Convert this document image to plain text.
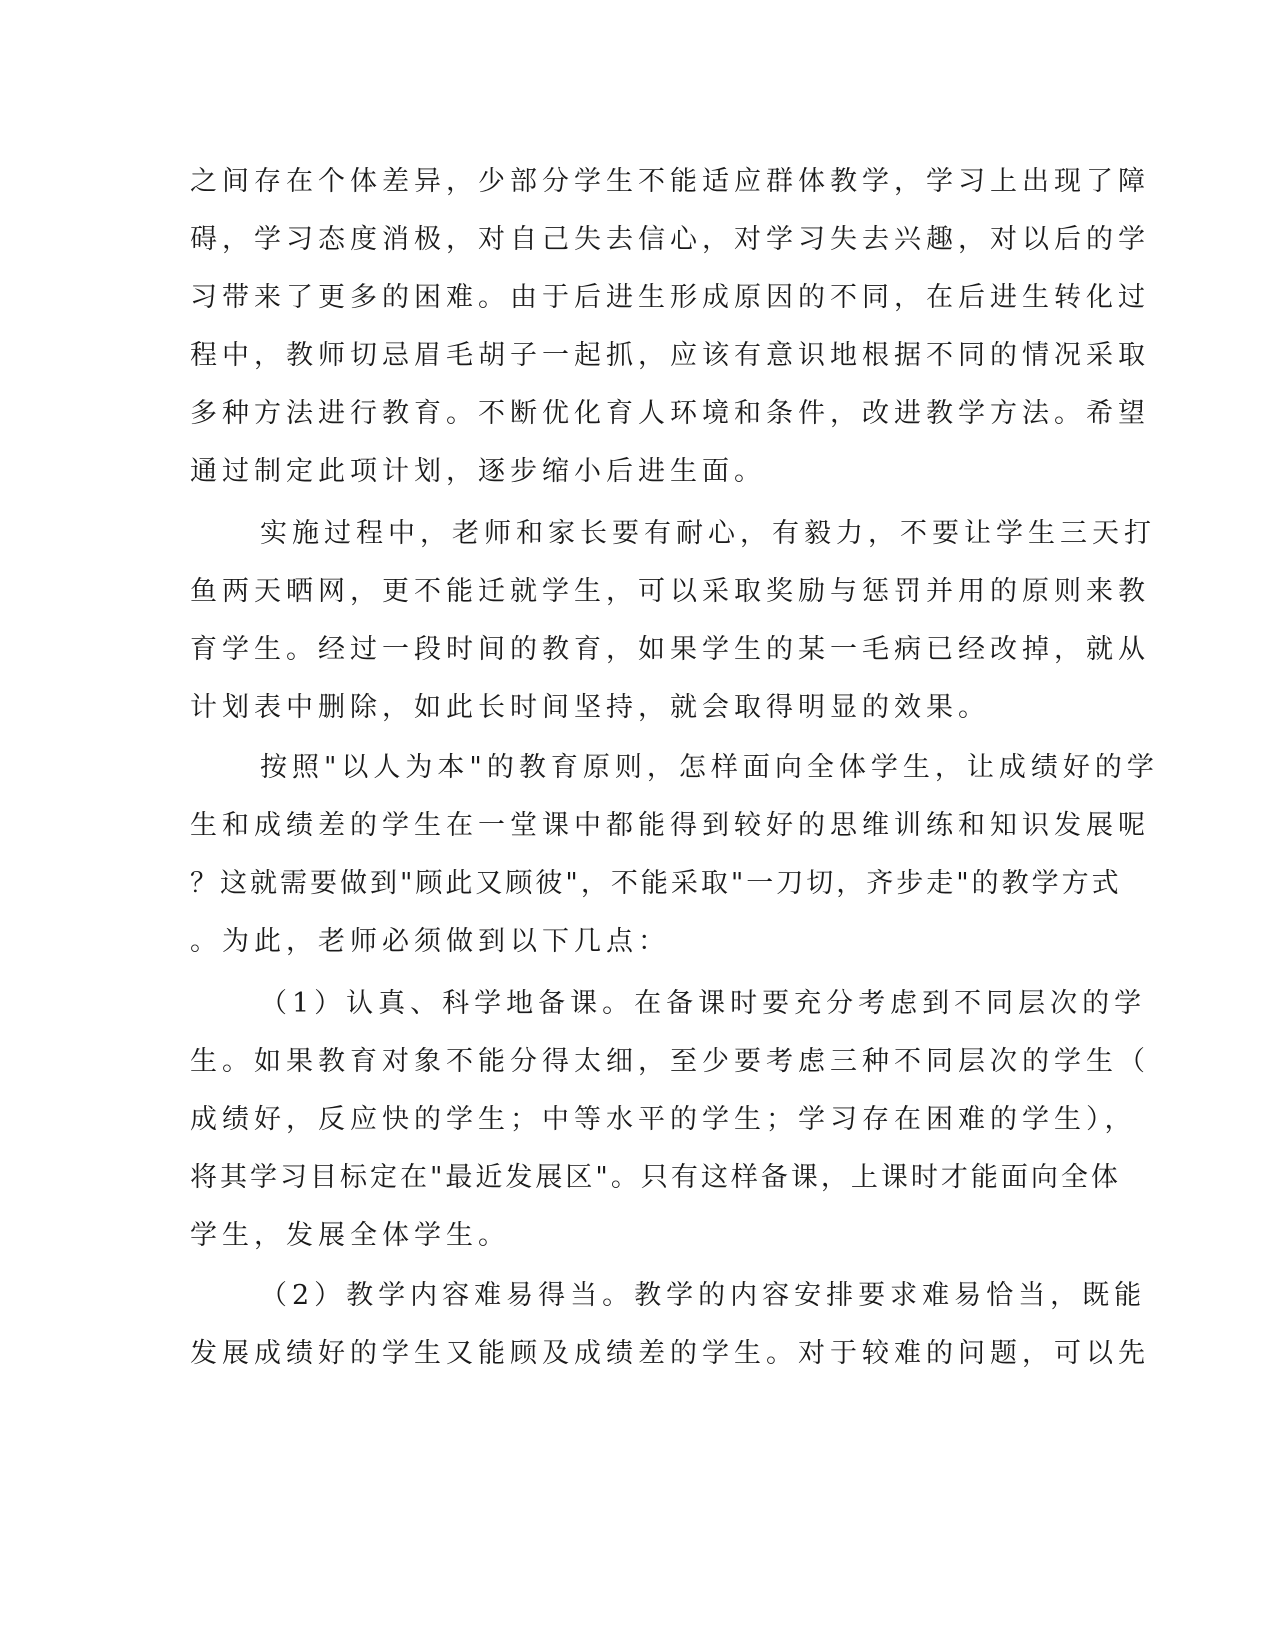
之间存在个体差异，少部分学生不能适应群体教学，学习上出现了障
碍，学习态度消极，对自己失去信心，对学习失去兴趣，对以后的学
习带来了更多的困难。由于后进生形成原因的不同，在后进生转化过
程中，教师切忌眉毛胡子一起抓，应该有意识地根据不同的情况采取
多种方法进行教育。不断优化育人环境和条件，改进教学方法。希望
通过制定此项计划，逐步缩小后进生面。
实施过程中，老师和家长要有耐心，有毅力，不要让学生三天打
鱼两天晒网，更不能迁就学生，可以采取奖励与惩罚并用的原则来教
育学生。经过一段时间的教育，如果学生的某一毛病已经改掉，就从
计划表中删除，如此长时间坚持，就会取得明显的效果。
按照"以人为本"的教育原则，怎样面向全体学生，让成绩好的学
生和成绩差的学生在一堂课中都能得到较好的思维训练和知识发展呢
？这就需要做到"顾此又顾彼"，不能采取"一刀切，齐步走"的教学方式
。为此，老师必须做到以下几点：
（1）认真、科学地备课。在备课时要充分考虑到不同层次的学
生。如果教育对象不能分得太细，至少要考虑三种不同层次的学生（
成绩好，反应快的学生；中等水平的学生；学习存在困难的学生），
将其学习目标定在"最近发展区"。只有这样备课，上课时才能面向全体
学生，发展全体学生。
（2）教学内容难易得当。教学的内容安排要求难易恰当，既能
发展成绩好的学生又能顾及成绩差的学生。对于较难的问题，可以先
